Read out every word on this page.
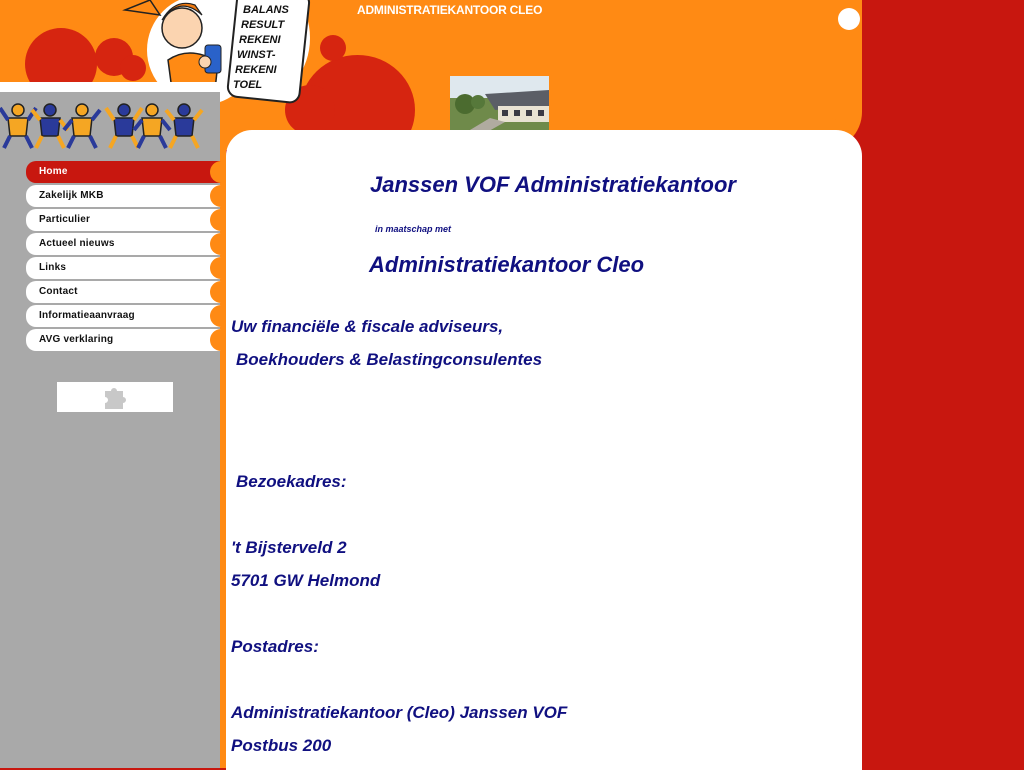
ADMINISTRATIEKANTOOR CLEO

BALANS
RESULT
REKENI
WINST-
REKENI
TOEL
Home
Zakelijk MKB
Particulier
Actueel nieuws
Links
Contact
Informatieaanvraag
AVG verklaring

Janssen VOF Administratiekantoor

in maatschap met

Administratiekantoor Cleo

Uw financiële & fiscale adviseurs,

Boekhouders & Belastingconsulentes

Bezoekadres:

't Bijsterveld 2

5701 GW Helmond

Postadres:

Administratiekantoor (Cleo) Janssen VOF

Postbus 200
